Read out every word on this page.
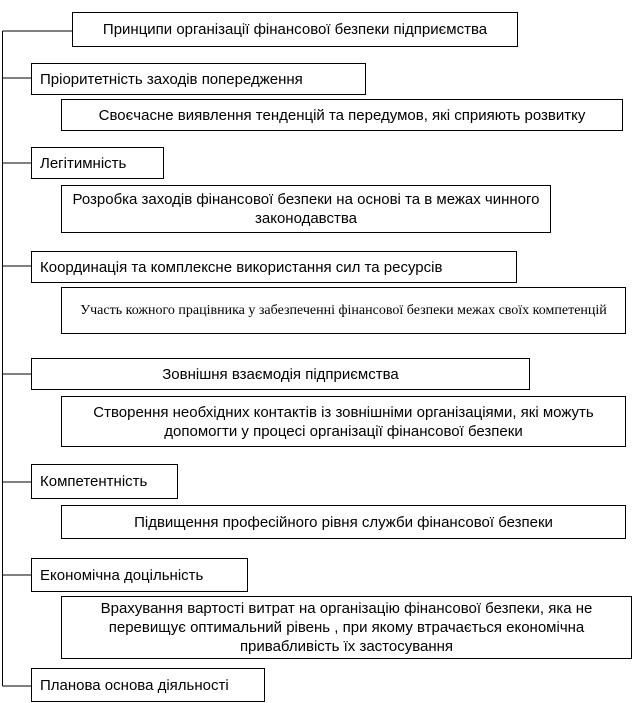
Принципи організації фінансової безпеки підприємства
Пріоритетність заходів попередження
Своєчасне виявлення тенденцій та передумов, які сприяють розвитку
Легітимність
Розробка заходів фінансової безпеки на основі та в межах чинного законодавства
Координація та комплексне використання сил та ресурсів
Участь кожного працівника у забезпеченні фінансової безпеки межах своїх компетенцій
Зовнішня взаємодія підприємства
Створення необхідних контактів із зовнішніми організаціями, які можуть допомогти у процесі організації фінансової безпеки
Компетентність
Підвищення професійного рівня служби фінансової безпеки
Економічна доцільність
Врахування вартості витрат на організацію фінансової безпеки, яка не перевищує оптимальний рівень , при якому втрачається економічна привабливість їх застосування
Планова основа діяльності
